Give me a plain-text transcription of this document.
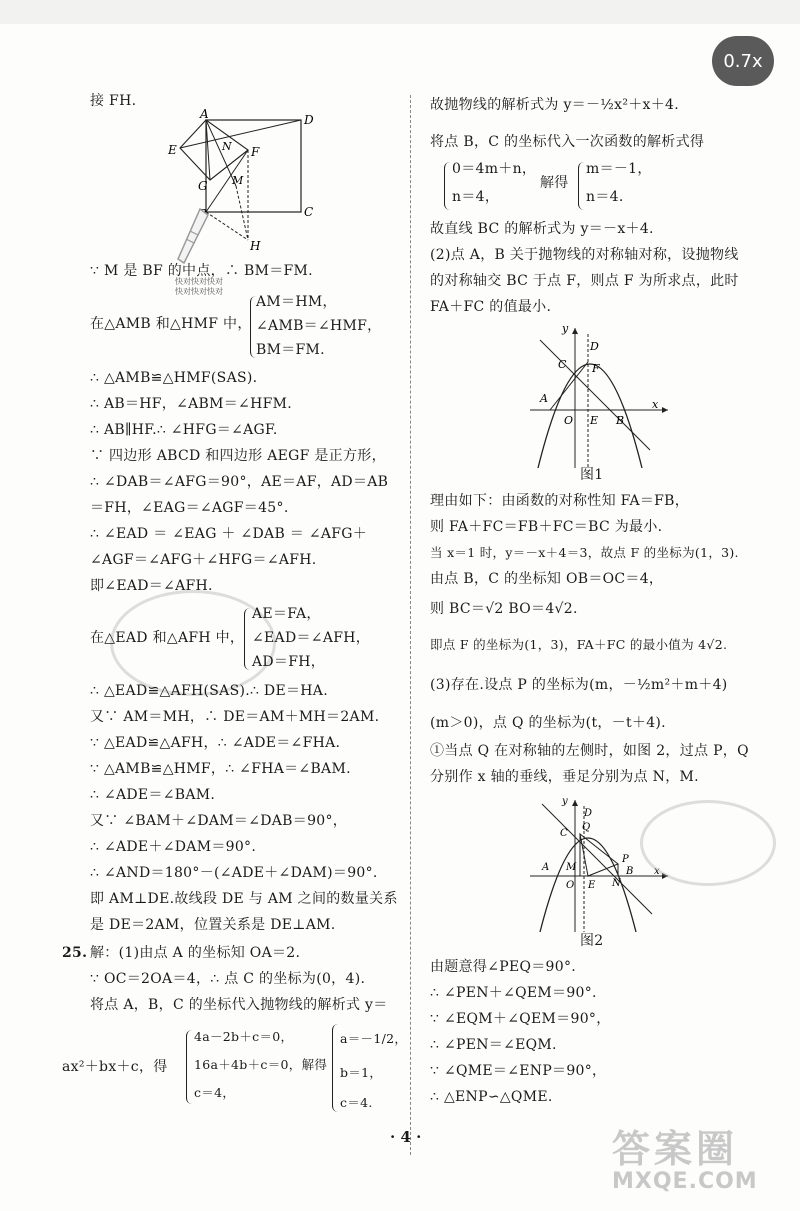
0.7x
接 FH.
A	D
E	N F
G M
C
H
快对快对快对
快对快对快对
∵ M 是 BF 的中点，∴ BM＝FM.
在△AMB 和△HMF 中，
AM＝HM，
∠AMB＝∠HMF，
BM＝FM.
∴ △AMB≌△HMF(SAS).
∴ AB＝HF，∠ABM＝∠HFM.
∴ AB∥HF.∴ ∠HFG＝∠AGF.
∵ 四边形 ABCD 和四边形 AEGF 是正方形，
∴ ∠DAB＝∠AFG＝90°，AE＝AF，AD＝AB
＝FH，∠EAG＝∠AGF＝45°.
∴ ∠EAD ＝ ∠EAG ＋ ∠DAB ＝ ∠AFG＋
∠AGF＝∠AFG＋∠HFG＝∠AFH.
即∠EAD＝∠AFH.
在△EAD 和△AFH 中，
AE＝FA，
∠EAD＝∠AFH，
AD＝FH，
∴ △EAD≌△AFH(SAS).∴ DE＝HA.
又∵ AM＝MH，∴ DE＝AM＋MH＝2AM.
∵ △EAD≌△AFH，∴ ∠ADE＝∠FHA.
∵ △AMB≌△HMF，∴ ∠FHA＝∠BAM.
∴ ∠ADE＝∠BAM.
又∵ ∠BAM＋∠DAM＝∠DAB＝90°，
∴ ∠ADE＋∠DAM＝90°.
∴ ∠AND＝180°－(∠ADE＋∠DAM)＝90°.
即 AM⊥DE.故线段 DE 与 AM 之间的数量关系
是 DE＝2AM，位置关系是 DE⊥AM.
25. 解：(1)由点 A 的坐标知 OA＝2.
∵ OC＝2OA＝4，∴ 点 C 的坐标为(0，4).
将点 A，B，C 的坐标代入抛物线的解析式 y＝
ax²＋bx＋c，得
4a－2b＋c＝0，
16a＋4b＋c＝0，解得
c＝4，
a＝－1/2，
b＝1，
c＝4.
故抛物线的解析式为 y＝－½x²＋x＋4.
将点 B，C 的坐标代入一次函数的解析式得
0＝4m＋n，
n＝4，
解得
m＝－1，
n＝4.
故直线 BC 的解析式为 y＝－x＋4.
(2)点 A，B 关于抛物线的对称轴对称，设抛物线
的对称轴交 BC 于点 F，则点 F 为所求点，此时
FA＋FC 的值最小.
y
x
D
C F
A
O E B
图1
理由如下：由函数的对称性知 FA＝FB，
则 FA＋FC＝FB＋FC＝BC 为最小.
当 x＝1 时，y＝－x＋4＝3，故点 F 的坐标为(1，3).
由点 B，C 的坐标知 OB＝OC＝4，
则 BC＝√2 BO＝4√2.
即点 F 的坐标为(1，3)，FA＋FC 的最小值为 4√2.
(3)存在.设点 P 的坐标为(m，－½m²＋m＋4)
(m＞0)，点 Q 的坐标为(t，－t＋4).
①当点 Q 在对称轴的左侧时，如图 2，过点 P，Q
分别作 x 轴的垂线，垂足分别为点 N，M.
y
x
C
Q
D
A M
O E N
P
B
图2
由题意得∠PEQ＝90°.
∴ ∠PEN＋∠QEM＝90°.
∵ ∠EQM＋∠QEM＝90°，
∴ ∠PEN＝∠EQM.
∵ ∠QME＝∠ENP＝90°，
∴ △ENP∽△QME.
· 4 ·	答案圈
MXQE.COM
